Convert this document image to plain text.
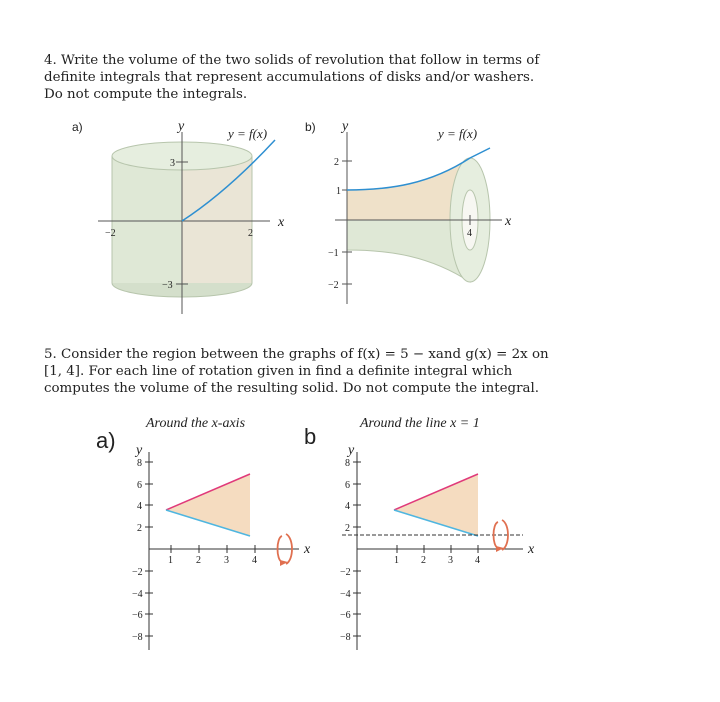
4. Write the volume of the two solids of revolution that follow in terms of definite integrals that represent accumulations of disks and/or washers. Do not compute the integrals.
a)	y
x
y = f(x)
3
−3
−2	2
b) y
x
y = f(x)
2
1
−1
−2
4
5. Consider the region between the graphs of f(x) = 5 − xand g(x) = 2x on [1, 4]. For each line of rotation given in find a definite integral which computes the volume of the resulting solid. Do not compute the integral.
Around the x-axis	Around the line x = 1
a)	b
8
6
4
2
−2
−4
−6
−8
1 2 3 4
y
x
8
6
4
2
−2
−4
−6
−8
1 2 3 4
y
x
